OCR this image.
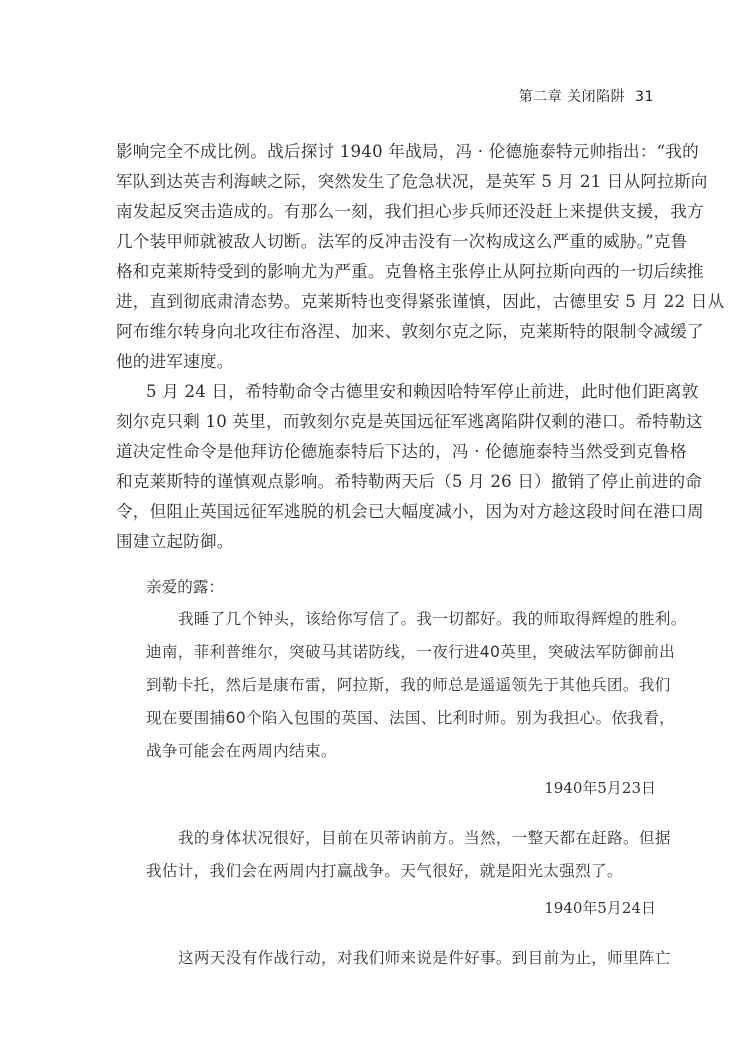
第二章 关闭陷阱 31
影响完全不成比例。战后探讨 1940 年战局，冯 · 伦德施泰特元帅指出：“我的
军队到达英吉利海峡之际，突然发生了危急状况，是英军 5 月 21 日从阿拉斯向
南发起反突击造成的。有那么一刻，我们担心步兵师还没赶上来提供支援，我方
几个装甲师就被敌人切断。法军的反冲击没有一次构成这么严重的威胁。”克鲁
格和克莱斯特受到的影响尤为严重。克鲁格主张停止从阿拉斯向西的一切后续推
进，直到彻底肃清态势。克莱斯特也变得紧张谨慎，因此，古德里安 5 月 22 日从
阿布维尔转身向北攻往布洛涅、加来、敦刻尔克之际，克莱斯特的限制令减缓了
他的进军速度。
5 月 24 日，希特勒命令古德里安和赖因哈特军停止前进，此时他们距离敦
刻尔克只剩 10 英里，而敦刻尔克是英国远征军逃离陷阱仅剩的港口。希特勒这
道决定性命令是他拜访伦德施泰特后下达的，冯 · 伦德施泰特当然受到克鲁格
和克莱斯特的谨慎观点影响。希特勒两天后（5 月 26 日）撤销了停止前进的命
令，但阻止英国远征军逃脱的机会已大幅度减小，因为对方趁这段时间在港口周
围建立起防御。
亲爱的露：
我睡了几个钟头，该给你写信了。我一切都好。我的师取得辉煌的胜利。
迪南，菲利普维尔，突破马其诺防线，一夜行进40英里，突破法军防御前出
到勒卡托，然后是康布雷，阿拉斯，我的师总是遥遥领先于其他兵团。我们
现在要围捕60个陷入包围的英国、法国、比利时师。别为我担心。依我看，
战争可能会在两周内结束。
1940年5月23日
我的身体状况很好，目前在贝蒂讷前方。当然，一整天都在赶路。但据
我估计，我们会在两周内打赢战争。天气很好，就是阳光太强烈了。
1940年5月24日
这两天没有作战行动，对我们师来说是件好事。到目前为止，师里阵亡
